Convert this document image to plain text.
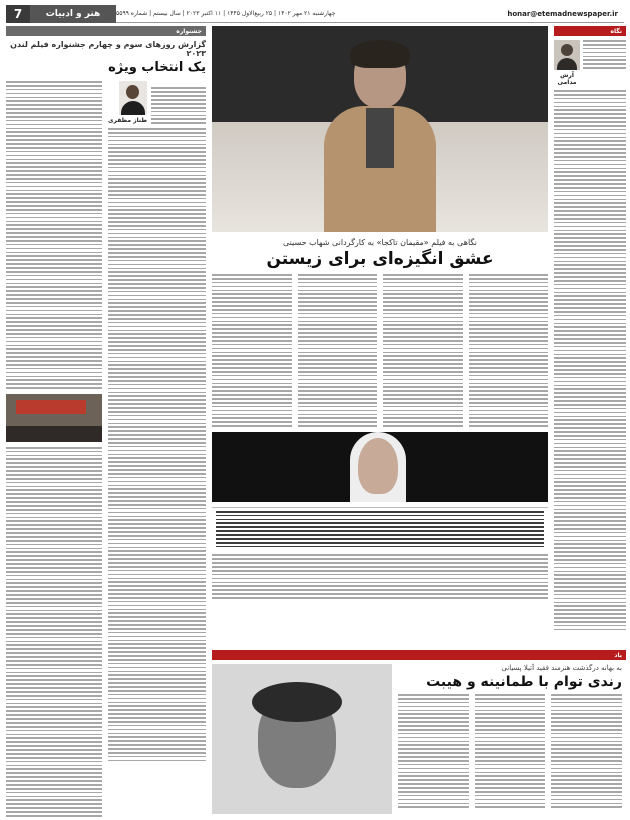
7	هنر و ادبیات	چهارشنبه ۲۱ مهر ۱۴۰۲ | ۲۵ ربیع‌الاول ۱۴۴۵ | ۱۱ اکتبر ۲۰۲۳ | سال بیستم | شماره ۵۵۹۹	honar@etemadnewspaper.ir
نگاه
آرش مدامی
نگاهی به فیلم «مقیمان تاکجا» به کارگردانی شهاب حسینی
عشق انگیزه‌ای برای زیستن
یاد
به بهانه درگذشت هنرمند فقید آتیلا پسیانی
رندی توام با طمانینه و هیبت
جشنواره
گزارش روزهای سوم و چهارم جشنواره فیلم لندن ۲۰۲۳
یک انتخاب ویژه
طناز مظفری
